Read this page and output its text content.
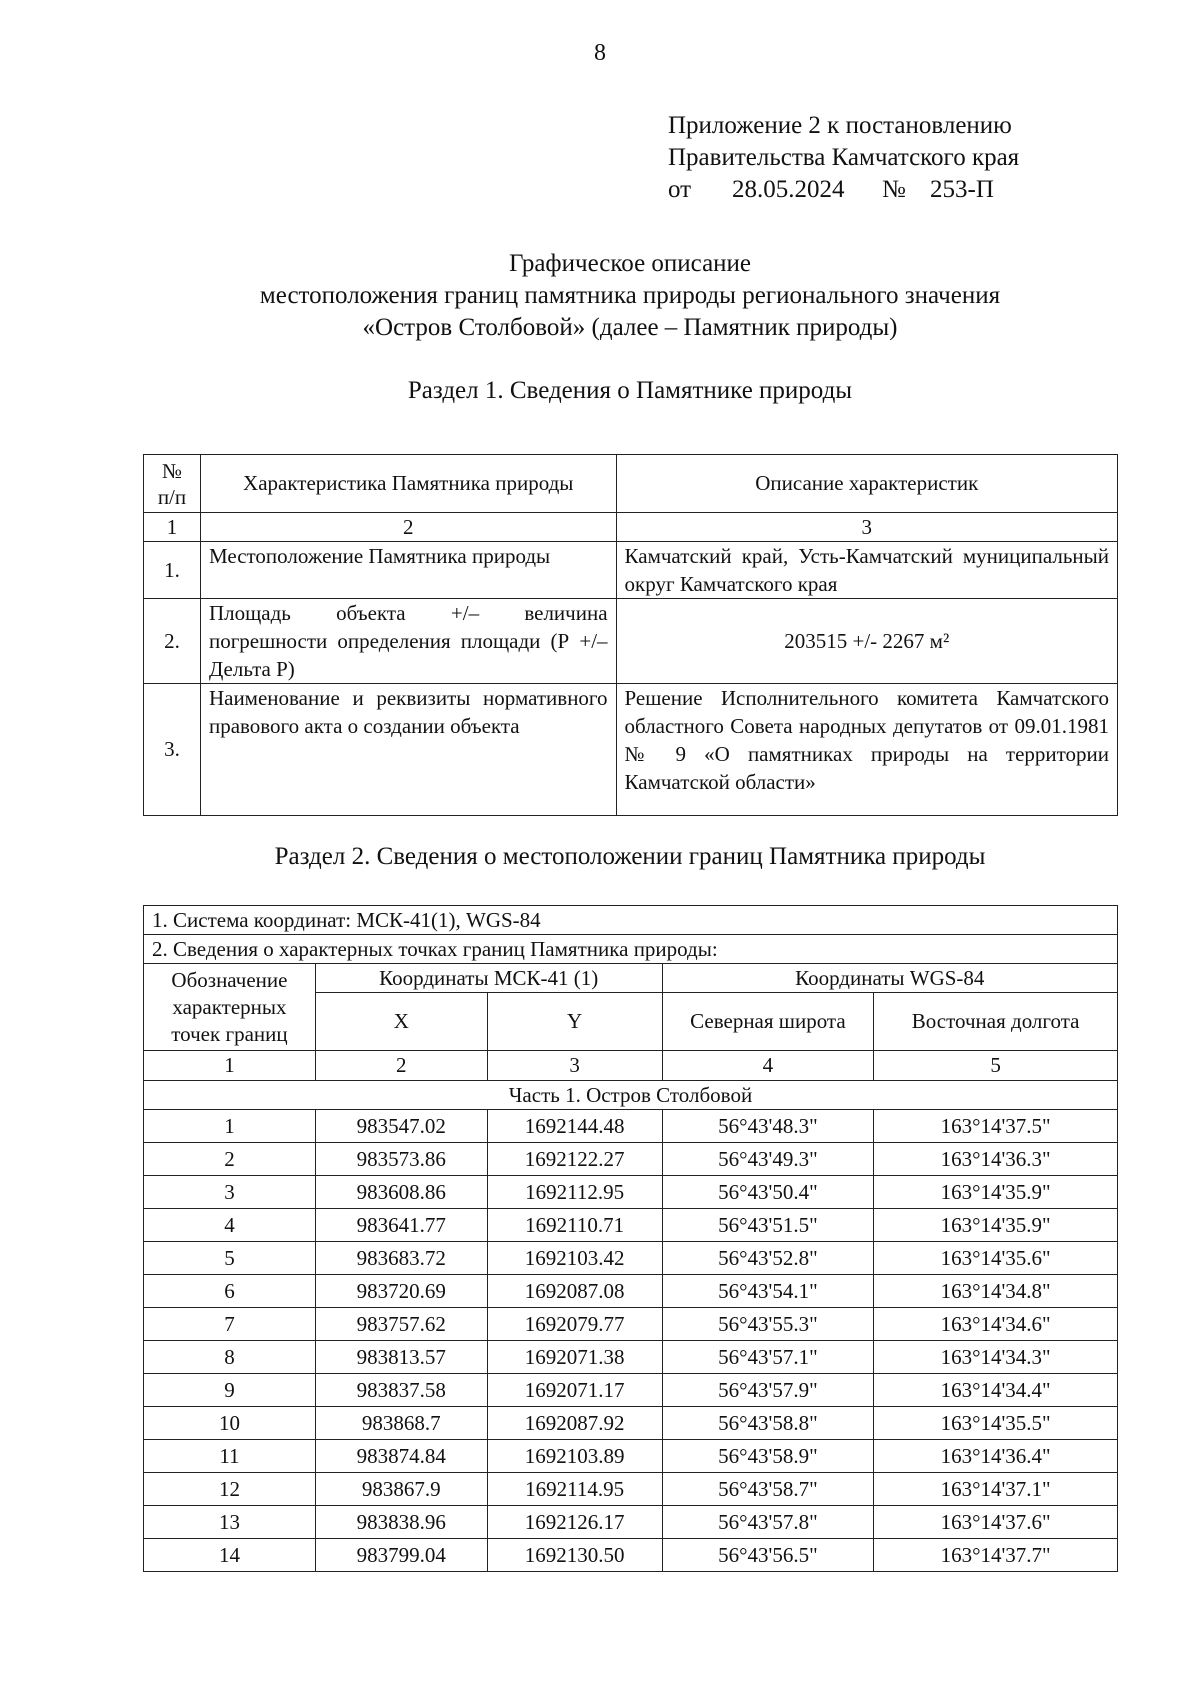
8
Приложение 2 к постановлению
Правительства Камчатского края
от 28.05.2024 № 253-П
Графическое описание
местоположения границ памятника природы регионального значения
«Остров Столбовой» (далее – Памятник природы)
Раздел 1. Сведения о Памятнике природы
№ п/п	Характеристика Памятника природы	Описание характеристик
1	2	3
1.	Местоположение Памятника природы	Камчатский край, Усть-Камчатский муниципальный округ Камчатского края
2.	Площадь объекта +/– величина погрешности определения площади (Р +/– Дельта Р)	203515 +/- 2267 м²
3.	Наименование и реквизиты нормативного правового акта о создании объекта	Решение Исполнительного комитета Камчатского областного Совета народных депутатов от 09.01.1981 № 9 «О памятниках природы на территории Камчатской области»
Раздел 2. Сведения о местоположении границ Памятника природы
1. Система координат: МСК-41(1), WGS-84				
2. Сведения о характерных точках границ Памятника природы:				
Обозначение характерных точек границ	Координаты МСК-41 (1)		Координаты WGS-84	
	X	Y	Северная широта	Восточная долгота
1	2	3	4	5
Часть 1. Остров Столбовой				
1	983547.02	1692144.48	56°43'48.3"	163°14'37.5"
2	983573.86	1692122.27	56°43'49.3"	163°14'36.3"
3	983608.86	1692112.95	56°43'50.4"	163°14'35.9"
4	983641.77	1692110.71	56°43'51.5"	163°14'35.9"
5	983683.72	1692103.42	56°43'52.8"	163°14'35.6"
6	983720.69	1692087.08	56°43'54.1"	163°14'34.8"
7	983757.62	1692079.77	56°43'55.3"	163°14'34.6"
8	983813.57	1692071.38	56°43'57.1"	163°14'34.3"
9	983837.58	1692071.17	56°43'57.9"	163°14'34.4"
10	983868.7	1692087.92	56°43'58.8"	163°14'35.5"
11	983874.84	1692103.89	56°43'58.9"	163°14'36.4"
12	983867.9	1692114.95	56°43'58.7"	163°14'37.1"
13	983838.96	1692126.17	56°43'57.8"	163°14'37.6"
14	983799.04	1692130.50	56°43'56.5"	163°14'37.7"
